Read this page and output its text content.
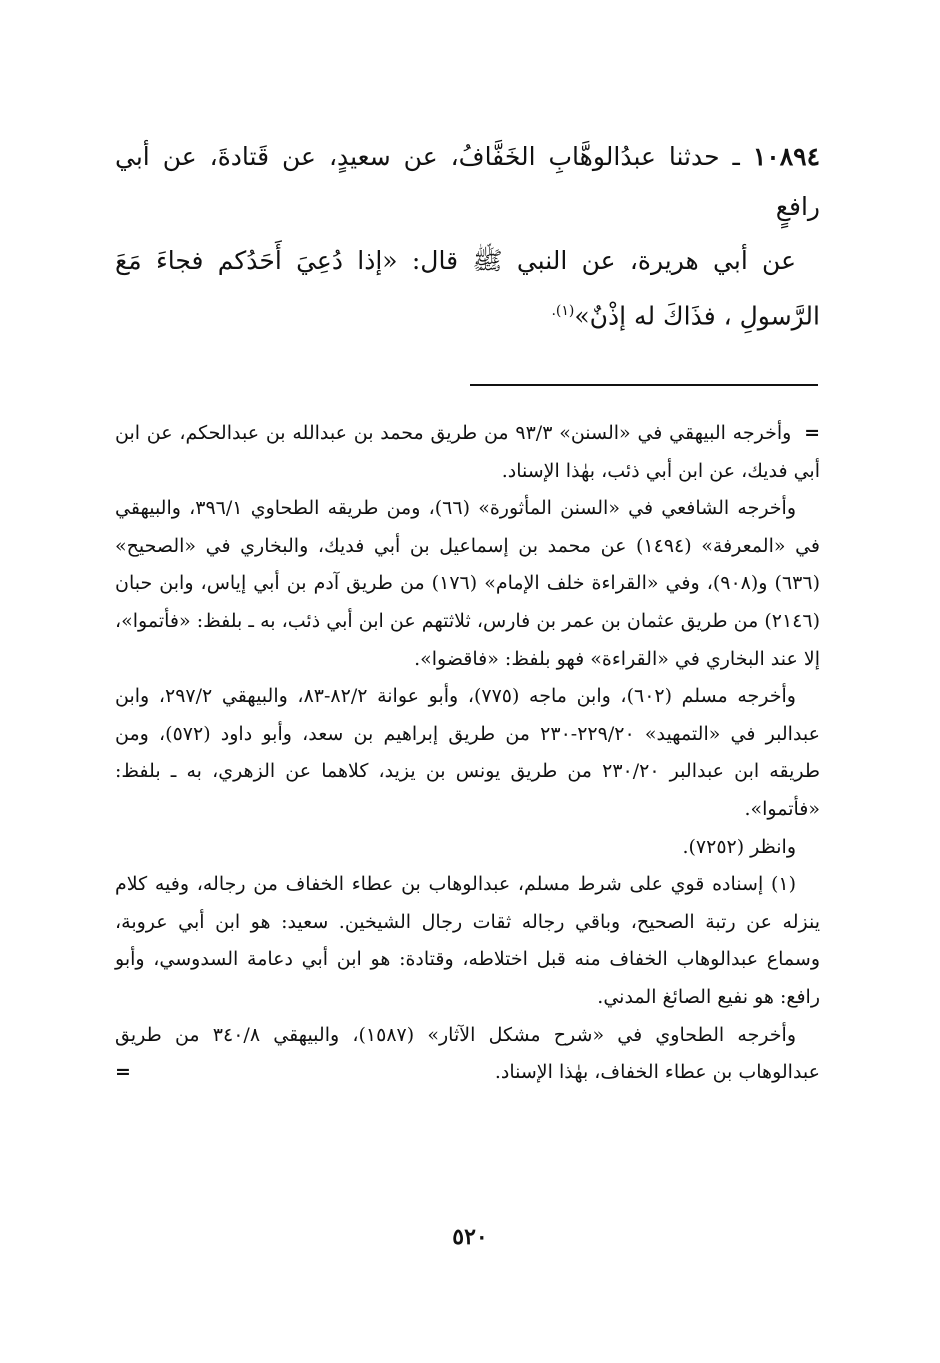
١٠٨٩٤ ـ حدثنا عبدُالوهَّابِ الخَفَّافُ، عن سعيدٍ، عن قَتادةَ، عن أبي رافعٍ

عن أبي هريرة، عن النبي ﷺ قال: «إذا دُعِيَ أَحَدُكم فجاءَ مَعَ الرَّسولِ ، فذَاكَ له إذْنٌ»$^{(١).}$

= وأخرجه البيهقي في «السنن» ٩٣/٣ من طريق محمد بن عبدالله بن عبدالحكم، عن ابن أبي فديك، عن ابن أبي ذئب، بهٰذا الإسناد.

وأخرجه الشافعي في «السنن المأثورة» (٦٦)، ومن طريقه الطحاوي ٣٩٦/١، والبيهقي في «المعرفة» (١٤٩٤) عن محمد بن إسماعيل بن أبي فديك، والبخاري في «الصحيح» (٦٣٦) و(٩٠٨)، وفي «القراءة خلف الإمام» (١٧٦) من طريق آدم بن أبي إياس، وابن حبان (٢١٤٦) من طريق عثمان بن عمر بن فارس، ثلاثتهم عن ابن أبي ذئب، به ـ بلفظ: «فأتموا»، إلا عند البخاري في «القراءة» فهو بلفظ: «فاقضوا».

وأخرجه مسلم (٦٠٢)، وابن ماجه (٧٧٥)، وأبو عوانة ٨٢/٢-٨٣، والبيهقي ٢٩٧/٢، وابن عبدالبر في «التمهيد» ٢٢٩/٢٠-٢٣٠ من طريق إبراهيم بن سعد، وأبو داود (٥٧٢)، ومن طريقه ابن عبدالبر ٢٣٠/٢٠ من طريق يونس بن يزيد، كلاهما عن الزهري، به ـ بلفظ: «فأتموا».

وانظر (٧٢٥٢).

(١) إسناده قوي على شرط مسلم، عبدالوهاب بن عطاء الخفاف من رجاله، وفيه كلام ينزله عن رتبة الصحيح، وباقي رجاله ثقات رجال الشيخين. سعيد: هو ابن أبي عروبة، وسماع عبدالوهاب الخفاف منه قبل اختلاطه، وقتادة: هو ابن أبي دعامة السدوسي، وأبو رافع: هو نفيع الصائغ المدني.

وأخرجه الطحاوي في «شرح مشكل الآثار» (١٥٨٧)، والبيهقي ٣٤٠/٨ من طريق عبدالوهاب بن عطاء الخفاف، بهٰذا الإسناد.
=

٥٢٠
